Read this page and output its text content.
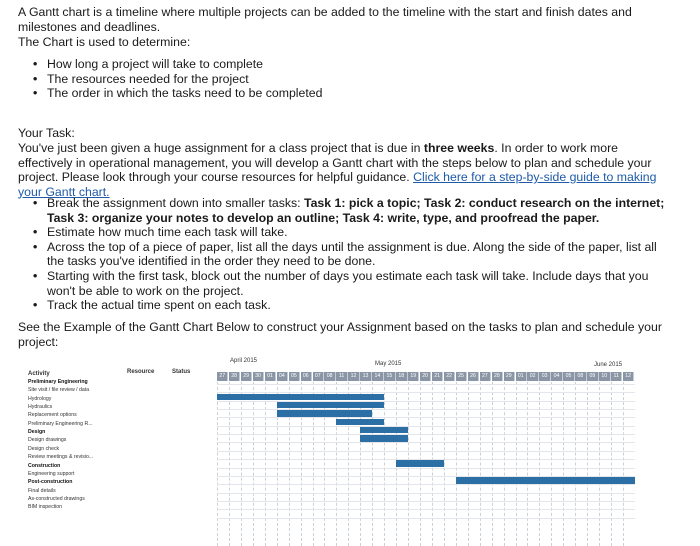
A Gantt chart is a timeline where multiple projects can be added to the timeline with the start and finish dates and milestones and deadlines.
The Chart is used to determine:
• How long a project will take to complete
• The resources needed for the project
• The order in which the tasks need to be completed
Your Task:
You've just been given a huge assignment for a class project that is due in three weeks. In order to work more effectively in operational management, you will develop a Gantt chart with the steps below to plan and schedule your project. Please look through your course resources for helpful guidance. Click here for a step-by-side guide to making your Gantt chart.
• Break the assignment down into smaller tasks: Task 1: pick a topic; Task 2: conduct research on the internet; Task 3: organize your notes to develop an outline; Task 4: write, type, and proofread the paper.
• Estimate how much time each task will take.
• Across the top of a piece of paper, list all the days until the assignment is due. Along the side of the paper, list all the tasks you've identified in the order they need to be done.
• Starting with the first task, block out the number of days you estimate each task will take. Include days that you won't be able to work on the project.
• Track the actual time spent on each task.
See the Example of the Gantt Chart Below to construct your Assignment based on the tasks to plan and schedule your project:
Activity	Resource	Status
April 2015	May 2015	June 2015
Preliminary Engineering
Site visit / file review / data
Hydrology
Hydraulics
Replacement options
Preliminary Engineering R...
Design
Design drawings
Design check
Review meetings & revisio...
Construction
Engineering support
Post-construction
Final details
As-constructed drawings
BIM inspection
27	28	29	30	01	04	05	06	07	08	11	12	13	14	15	18	19	20	21	22	25	26	27	28	29	01	02	03	04	05	08	09	10	11	12
